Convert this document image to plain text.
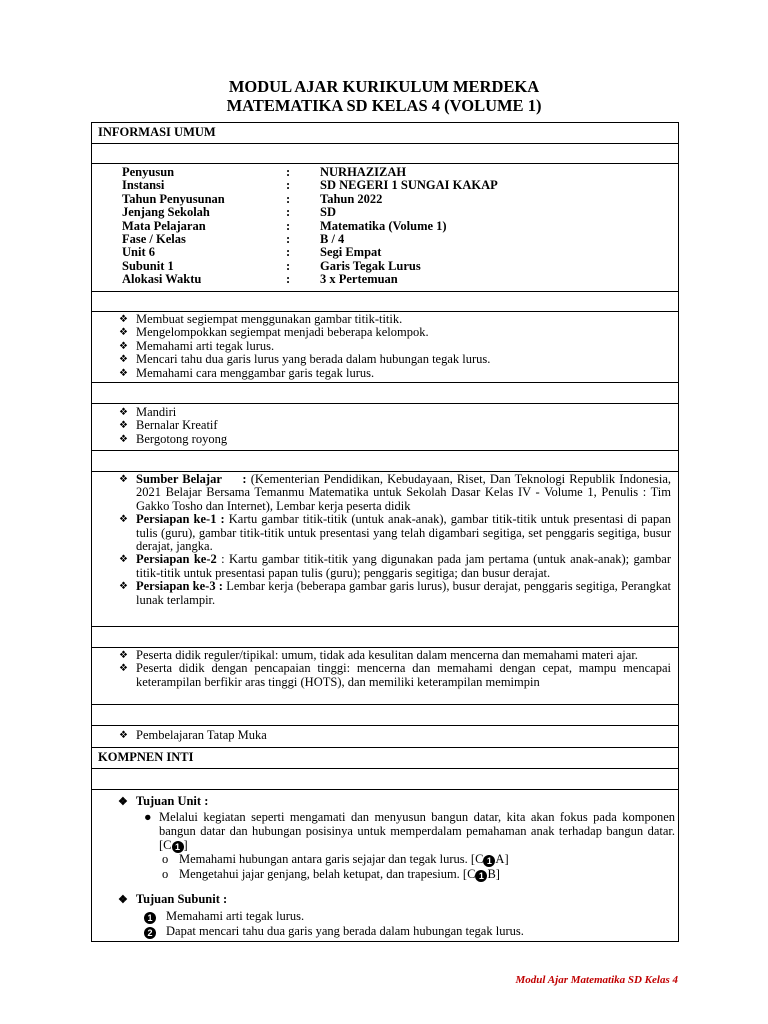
MODUL AJAR KURIKULUM MERDEKA
MATEMATIKA SD KELAS 4 (VOLUME 1)
INFORMASI UMUM
Penyusun	: NURHAZIZAH
Instansi	: SD NEGERI 1 SUNGAI KAKAP
Tahun Penyusunan	: Tahun 2022
Jenjang Sekolah	: SD
Mata Pelajaran	: Matematika (Volume 1)
Fase / Kelas	: B / 4
Unit 6	: Segi Empat
Subunit 1	: Garis Tegak Lurus
Alokasi Waktu	: 3 x Pertemuan
❖ Membuat segiempat menggunakan gambar titik-titik.
❖ Mengelompokkan segiempat menjadi beberapa kelompok.
❖ Memahami arti tegak lurus.
❖ Mencari tahu dua garis lurus yang berada dalam hubungan tegak lurus.
❖ Memahami cara menggambar garis tegak lurus.
❖ Mandiri
❖ Bernalar Kreatif
❖ Bergotong royong
❖ Sumber Belajar     : (Kementerian Pendidikan, Kebudayaan, Riset, Dan Teknologi Republik Indonesia, 2021 Belajar Bersama Temanmu Matematika untuk Sekolah Dasar Kelas IV - Volume 1, Penulis : Tim Gakko Tosho dan Internet), Lembar kerja peserta didik
❖ Persiapan ke-1 : Kartu gambar titik-titik (untuk anak-anak), gambar titik-titik untuk presentasi di papan tulis (guru), gambar titik-titik untuk presentasi yang telah digambari segitiga, set penggaris segitiga, busur derajat, jangka.
❖ Persiapan ke-2 : Kartu gambar titik-titik yang digunakan pada jam pertama (untuk anak-anak); gambar titik-titik untuk presentasi papan tulis (guru); penggaris segitiga; dan busur derajat.
❖ Persiapan ke-3 : Lembar kerja (beberapa gambar garis lurus), busur derajat, penggaris segitiga, Perangkat lunak terlampir.
❖ Peserta didik reguler/tipikal: umum, tidak ada kesulitan dalam mencerna dan memahami materi ajar.
❖ Peserta didik dengan pencapaian tinggi: mencerna dan memahami dengan cepat, mampu mencapai keterampilan berfikir aras tinggi (HOTS), dan memiliki keterampilan memimpin
❖ Pembelajaran Tatap Muka
KOMPNEN INTI
❖ Tujuan Unit :
● Melalui kegiatan seperti mengamati dan menyusun bangun datar, kita akan fokus pada komponen bangun datar dan hubungan posisinya untuk memperdalam pemahaman anak terhadap bangun datar. [C 1 ]
o Memahami hubungan antara garis sejajar dan tegak lurus. [C 1 A]
o Mengetahui jajar genjang, belah ketupat, dan trapesium. [C 1 B]
❖ Tujuan Subunit :
1 Memahami arti tegak lurus.
2 Dapat mencari tahu dua garis yang berada dalam hubungan tegak lurus.
Modul Ajar Matematika SD Kelas 4
